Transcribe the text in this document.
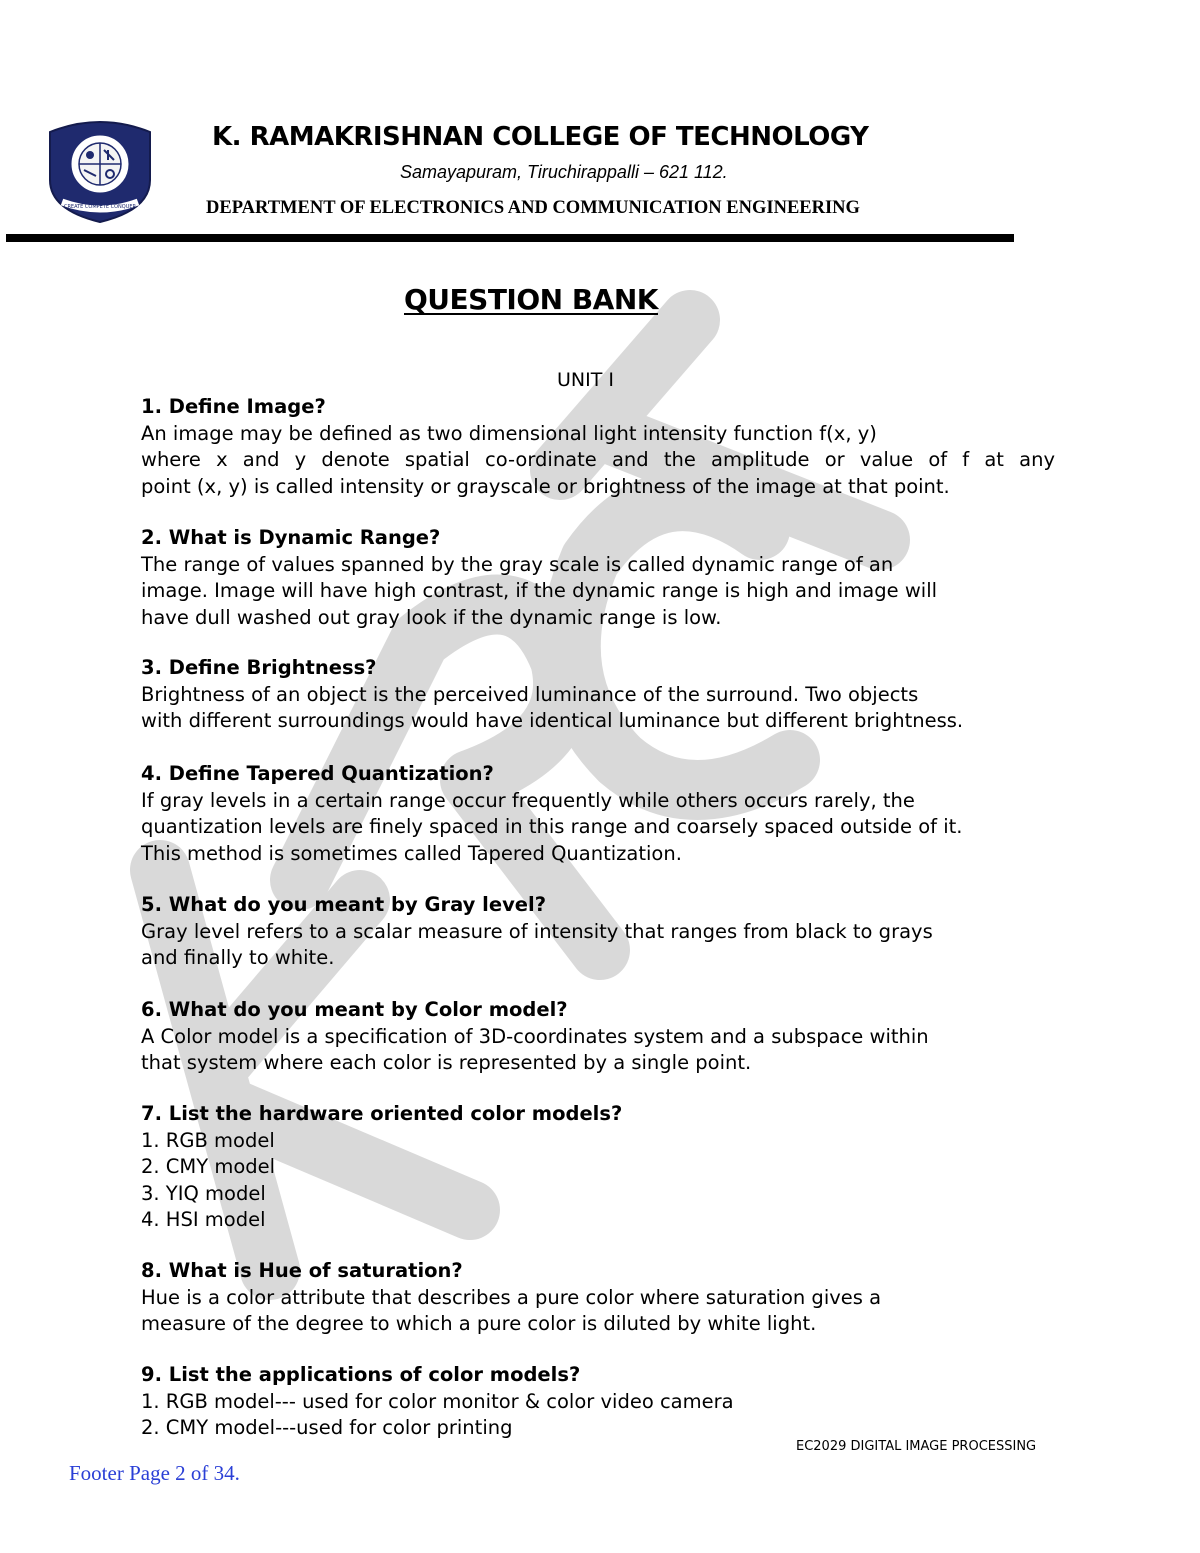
CREATE COMPETE CONQUER
K. RAMAKRISHNAN COLLEGE OF TECHNOLOGY
Samayapuram, Tiruchirappalli – 621 112.
DEPARTMENT OF ELECTRONICS AND COMMUNICATION ENGINEERING
QUESTION BANK
UNIT I
1. Define Image?
An image may be defined as two dimensional light intensity function f(x, y)
where x and y denote spatial co-ordinate and the amplitude or value of f at any
point (x, y) is called intensity or grayscale or brightness of the image at that point.
2. What is Dynamic Range?
The range of values spanned by the gray scale is called dynamic range of an
image. Image will have high contrast, if the dynamic range is high and image will
have dull washed out gray look if the dynamic range is low.
3. Define Brightness?
Brightness of an object is the perceived luminance of the surround. Two objects
with different surroundings would have identical luminance but different brightness.
4. Define Tapered Quantization?
If gray levels in a certain range occur frequently while others occurs rarely, the
quantization levels are finely spaced in this range and coarsely spaced outside of it.
This method is sometimes called Tapered Quantization.
5. What do you meant by Gray level?
Gray level refers to a scalar measure of intensity that ranges from black to grays
and finally to white.
6. What do you meant by Color model?
A Color model is a specification of 3D-coordinates system and a subspace within
that system where each color is represented by a single point.
7. List the hardware oriented color models?
1. RGB model
2. CMY model
3. YIQ model
4. HSI model
8. What is Hue of saturation?
Hue is a color attribute that describes a pure color where saturation gives a
measure of the degree to which a pure color is diluted by white light.
9. List the applications of color models?
1. RGB model--- used for color monitor & color video camera
2. CMY model---used for color printing
EC2029 DIGITAL IMAGE PROCESSING
Footer Page 2 of 34.
